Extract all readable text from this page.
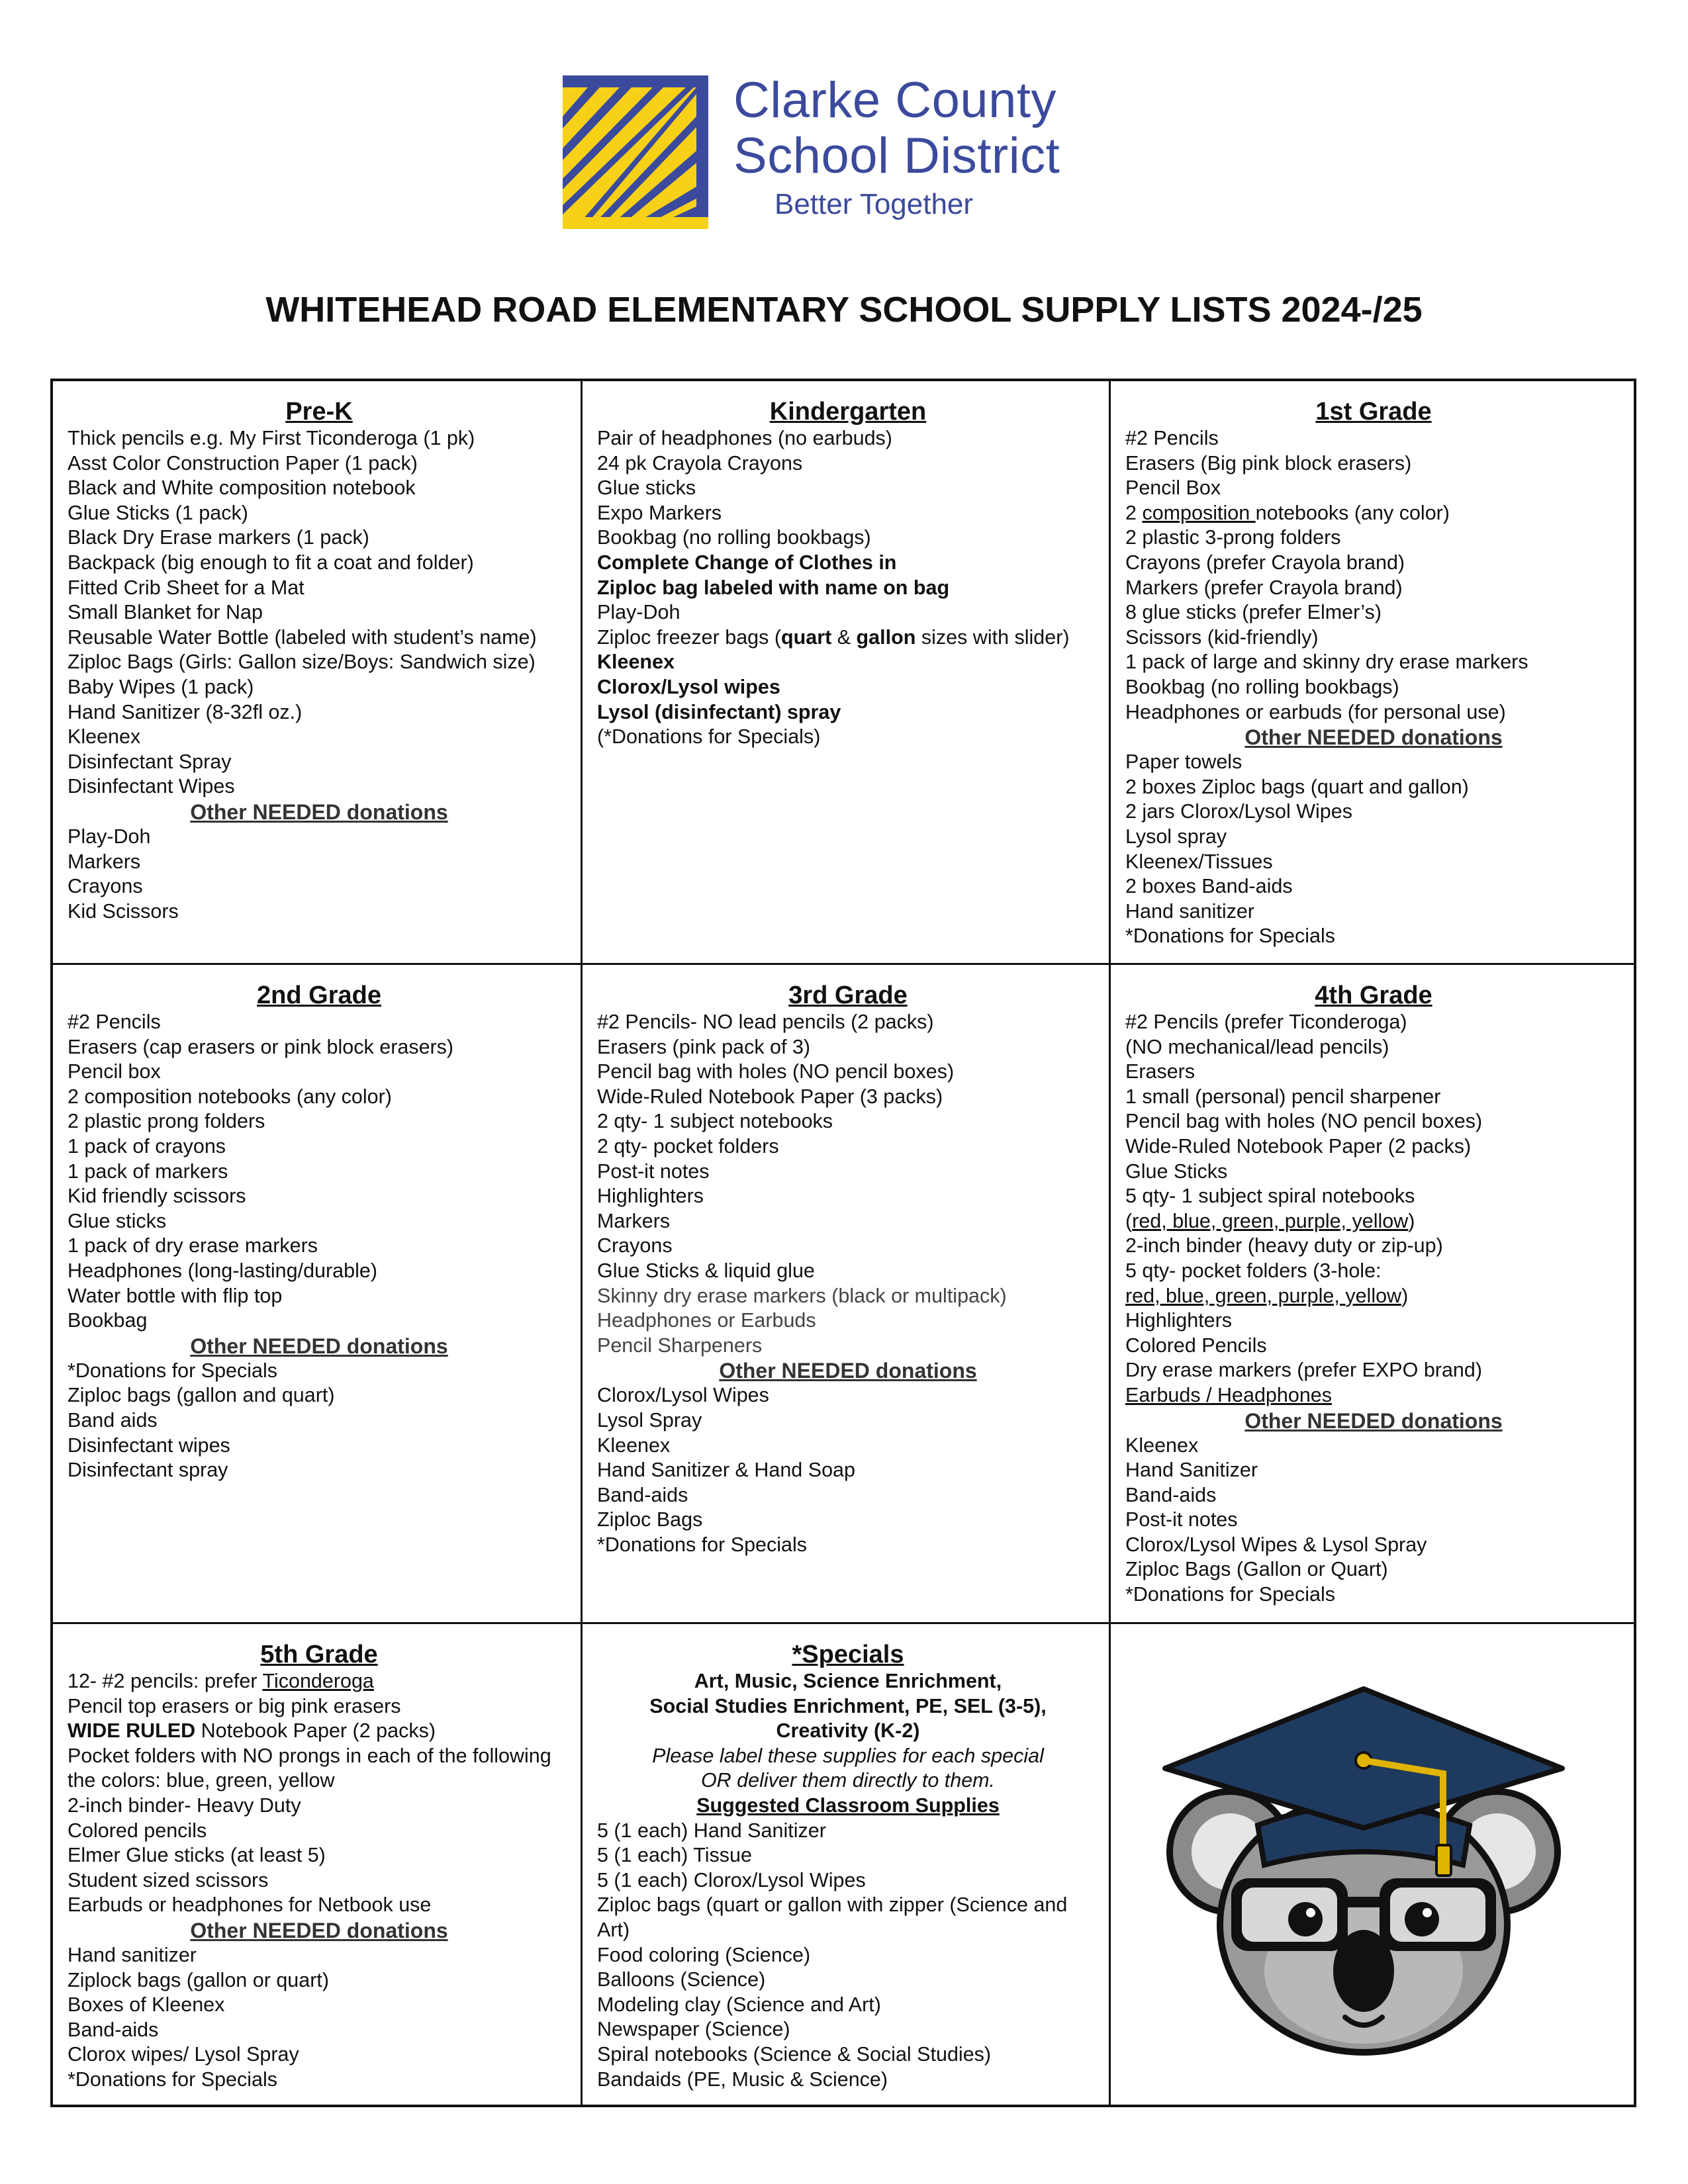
Clarke County
School District
Better Together
WHITEHEAD ROAD ELEMENTARY SCHOOL SUPPLY LISTS 2024-/25
Pre-K
Thick pencils e.g. My First Ticonderoga (1 pk)
Asst Color Construction Paper (1 pack)
Black and White composition notebook
Glue Sticks (1 pack)
Black Dry Erase markers (1 pack)
Backpack (big enough to fit a coat and folder)
Fitted Crib Sheet for a Mat
Small Blanket for Nap
Reusable Water Bottle (labeled with student’s name)
Ziploc Bags (Girls: Gallon size/Boys: Sandwich size)
Baby Wipes (1 pack)
Hand Sanitizer (8-32fl oz.)
Kleenex
Disinfectant Spray
Disinfectant Wipes
Other NEEDED donations
Play-Doh
Markers
Crayons
Kid Scissors
Kindergarten
Pair of headphones (no earbuds)
24 pk Crayola Crayons
Glue sticks
Expo Markers
Bookbag (no rolling bookbags)
Complete Change of Clothes in
Ziploc bag labeled with name on bag
Play-Doh
Ziploc freezer bags (quart & gallon sizes with slider)
Kleenex
Clorox/Lysol wipes
Lysol (disinfectant) spray
(*Donations for Specials)
1st Grade
#2 Pencils
Erasers (Big pink block erasers)
Pencil Box
2 composition notebooks (any color)
2 plastic 3-prong folders
Crayons (prefer Crayola brand)
Markers (prefer Crayola brand)
8 glue sticks (prefer Elmer’s)
Scissors (kid-friendly)
1 pack of large and skinny dry erase markers
Bookbag (no rolling bookbags)
Headphones or earbuds (for personal use)
Other NEEDED donations
Paper towels
2 boxes Ziploc bags (quart and gallon)
2 jars Clorox/Lysol Wipes
Lysol spray
Kleenex/Tissues
2 boxes Band-aids
Hand sanitizer
*Donations for Specials
2nd Grade
#2 Pencils
Erasers (cap erasers or pink block erasers)
Pencil box
2 composition notebooks (any color)
2 plastic prong folders
1 pack of crayons
1 pack of markers
Kid friendly scissors
Glue sticks
1 pack of dry erase markers
Headphones (long-lasting/durable)
Water bottle with flip top
Bookbag
Other NEEDED donations
*Donations for Specials
Ziploc bags (gallon and quart)
Band aids
Disinfectant wipes
Disinfectant spray
3rd Grade
#2 Pencils- NO lead pencils (2 packs)
Erasers (pink pack of 3)
Pencil bag with holes (NO pencil boxes)
Wide-Ruled Notebook Paper (3 packs)
2 qty- 1 subject notebooks
2 qty- pocket folders
Post-it notes
Highlighters
Markers
Crayons
Glue Sticks & liquid glue
Skinny dry erase markers (black or multipack)
Headphones or Earbuds
Pencil Sharpeners
Other NEEDED donations
Clorox/Lysol Wipes
Lysol Spray
Kleenex
Hand Sanitizer & Hand Soap
Band-aids
Ziploc Bags
*Donations for Specials
4th Grade
#2 Pencils (prefer Ticonderoga)
(NO mechanical/lead pencils)
Erasers
1 small (personal) pencil sharpener
Pencil bag with holes (NO pencil boxes)
Wide-Ruled Notebook Paper (2 packs)
Glue Sticks
5 qty- 1 subject spiral notebooks
(red, blue, green, purple, yellow)
2-inch binder (heavy duty or zip-up)
5 qty- pocket folders (3-hole:
red, blue, green, purple, yellow)
Highlighters
Colored Pencils
Dry erase markers (prefer EXPO brand)
Earbuds / Headphones
Other NEEDED donations
Kleenex
Hand Sanitizer
Band-aids
Post-it notes
Clorox/Lysol Wipes & Lysol Spray
Ziploc Bags (Gallon or Quart)
*Donations for Specials
5th Grade
12- #2 pencils: prefer Ticonderoga
Pencil top erasers or big pink erasers
WIDE RULED Notebook Paper (2 packs)
Pocket folders with NO prongs in each of the following
the colors: blue, green, yellow
2-inch binder- Heavy Duty
Colored pencils
Elmer Glue sticks (at least 5)
Student sized scissors
Earbuds or headphones for Netbook use
Other NEEDED donations
Hand sanitizer
Ziplock bags (gallon or quart)
Boxes of Kleenex
Band-aids
Clorox wipes/ Lysol Spray
*Donations for Specials
*Specials
Art, Music, Science Enrichment,
Social Studies Enrichment, PE, SEL (3-5),
Creativity (K-2)
Please label these supplies for each special
OR deliver them directly to them.
Suggested Classroom Supplies
5 (1 each) Hand Sanitizer
5 (1 each) Tissue
5 (1 each) Clorox/Lysol Wipes
Ziploc bags (quart or gallon with zipper (Science and
Art)
Food coloring (Science)
Balloons (Science)
Modeling clay (Science and Art)
Newspaper (Science)
Spiral notebooks (Science & Social Studies)
Bandaids (PE, Music & Science)
